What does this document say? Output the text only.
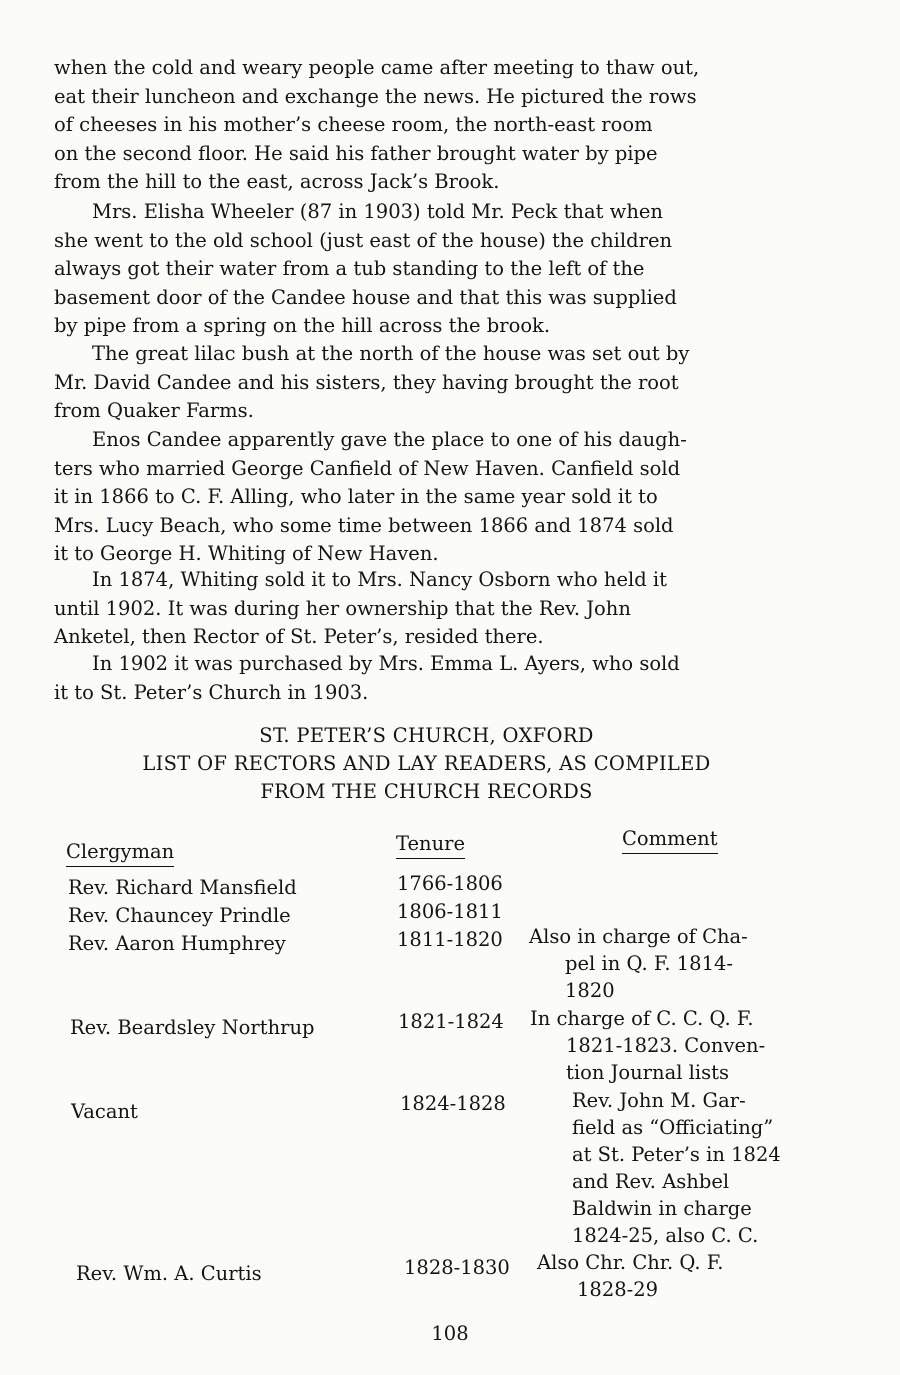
when the cold and weary people came after meeting to thaw out,
eat their luncheon and exchange the news. He pictured the rows
of cheeses in his mother’s cheese room, the north-east room
on the second floor. He said his father brought water by pipe
from the hill to the east, across Jack’s Brook.

Mrs. Elisha Wheeler (87 in 1903) told Mr. Peck that when
she went to the old school (just east of the house) the children
always got their water from a tub standing to the left of the
basement door of the Candee house and that this was supplied
by pipe from a spring on the hill across the brook.

The great lilac bush at the north of the house was set out by
Mr. David Candee and his sisters, they having brought the root
from Quaker Farms.

Enos Candee apparently gave the place to one of his daugh-
ters who married George Canfield of New Haven. Canfield sold
it in 1866 to C. F. Alling, who later in the same year sold it to
Mrs. Lucy Beach, who some time between 1866 and 1874 sold
it to George H. Whiting of New Haven.

In 1874, Whiting sold it to Mrs. Nancy Osborn who held it
until 1902. It was during her ownership that the Rev. John
Anketel, then Rector of St. Peter’s, resided there.

In 1902 it was purchased by Mrs. Emma L. Ayers, who sold
it to St. Peter’s Church in 1903.

ST. PETER’S CHURCH, OXFORD
LIST OF RECTORS AND LAY READERS, AS COMPILED
FROM THE CHURCH RECORDS
Clergyman	Tenure	Comment
Rev. Richard Mansfield	1766-1806
Rev. Chauncey Prindle	1806-1811
Rev. Aaron Humphrey	1811-1820 Also in charge of Cha-
pel in Q. F. 1814-
1820
Rev. Beardsley Northrup	1821-1824 In charge of C. C. Q. F.
1821-1823. Conven-
tion Journal lists
Vacant	1824-1828	Rev. John M. Gar-
field as “Officiating”
at St. Peter’s in 1824
and Rev. Ashbel
Baldwin in charge
1824-25, also C. C.
Rev. Wm. A. Curtis	1828-1830 Also Chr. Chr. Q. F.
1828-29
108
